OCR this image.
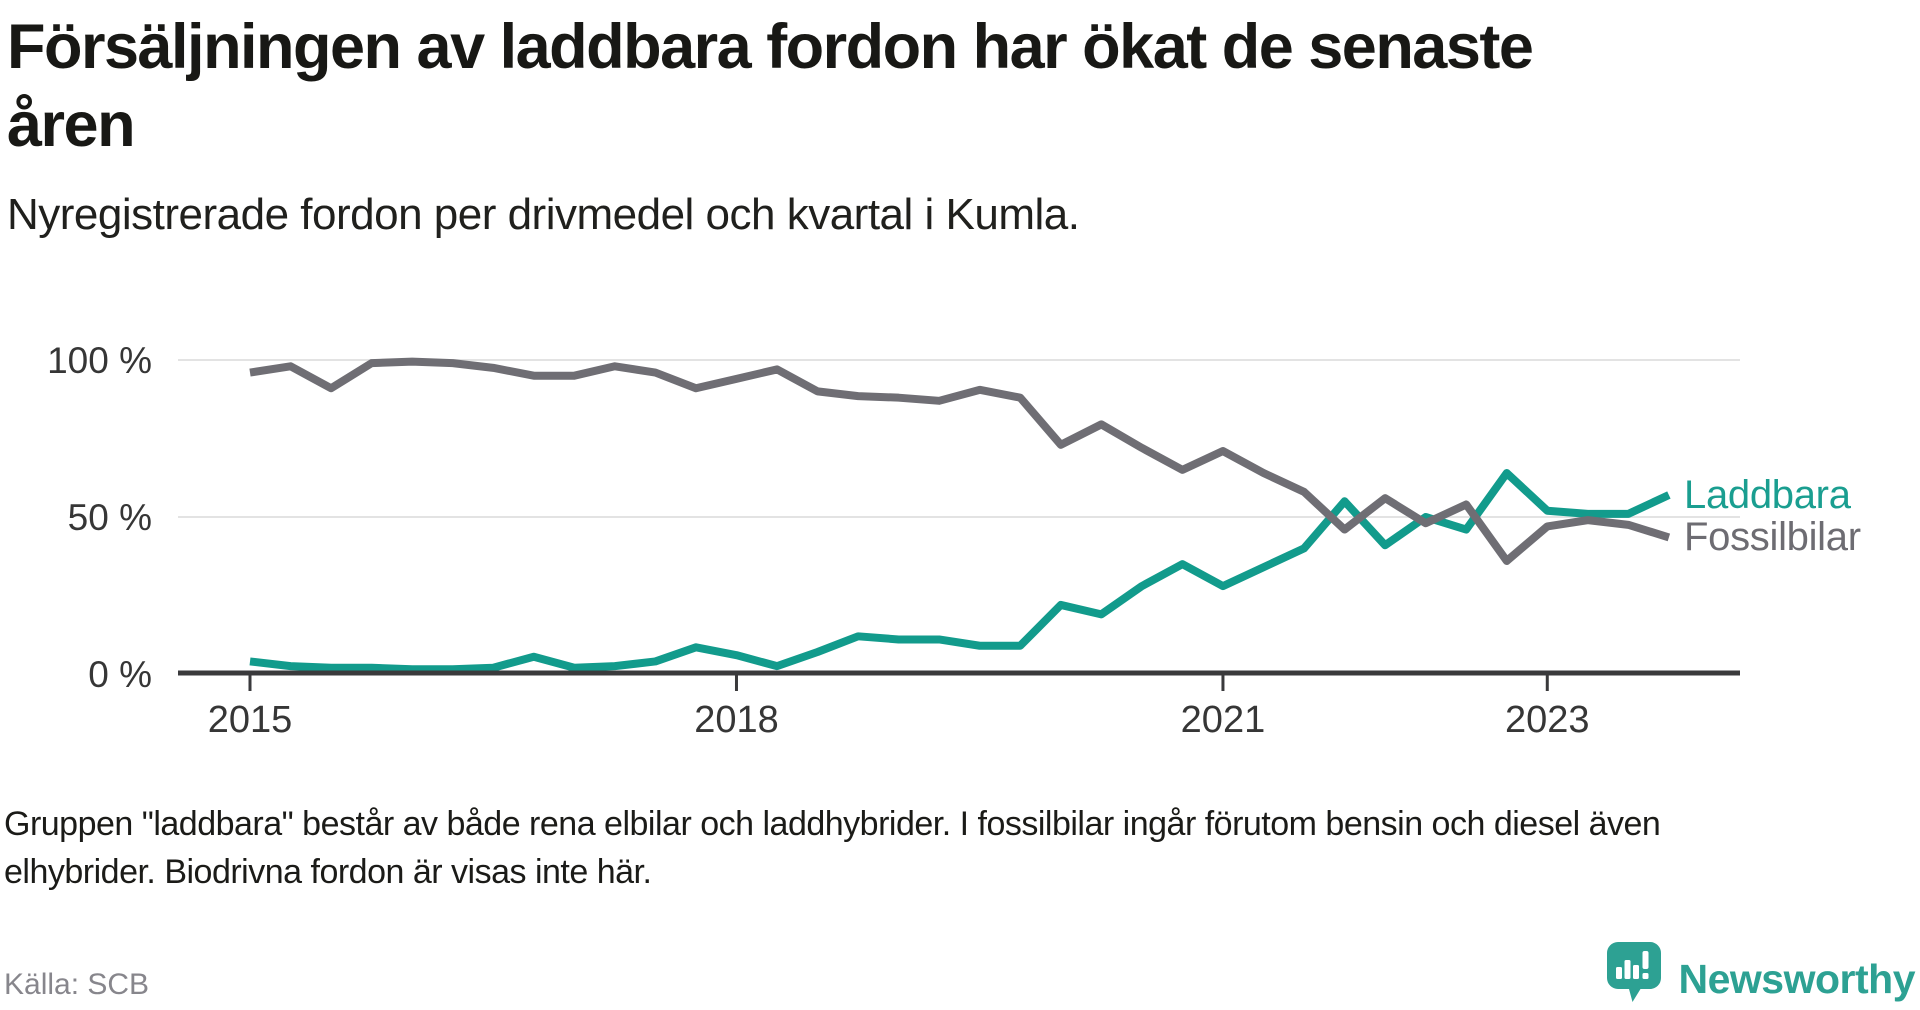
Försäljningen av laddbara fordon har ökat de senaste
åren
Nyregistrerade fordon per drivmedel och kvartal i Kumla.
2015	2018	2021	2023
0 %
50 %
100 %
Laddbara
Fossilbilar
Gruppen "laddbara" består av både rena elbilar och laddhybrider. I fossilbilar ingår förutom bensin och diesel även
elhybrider. Biodrivna fordon är visas inte här.
Källa: SCB	Newsworthy
